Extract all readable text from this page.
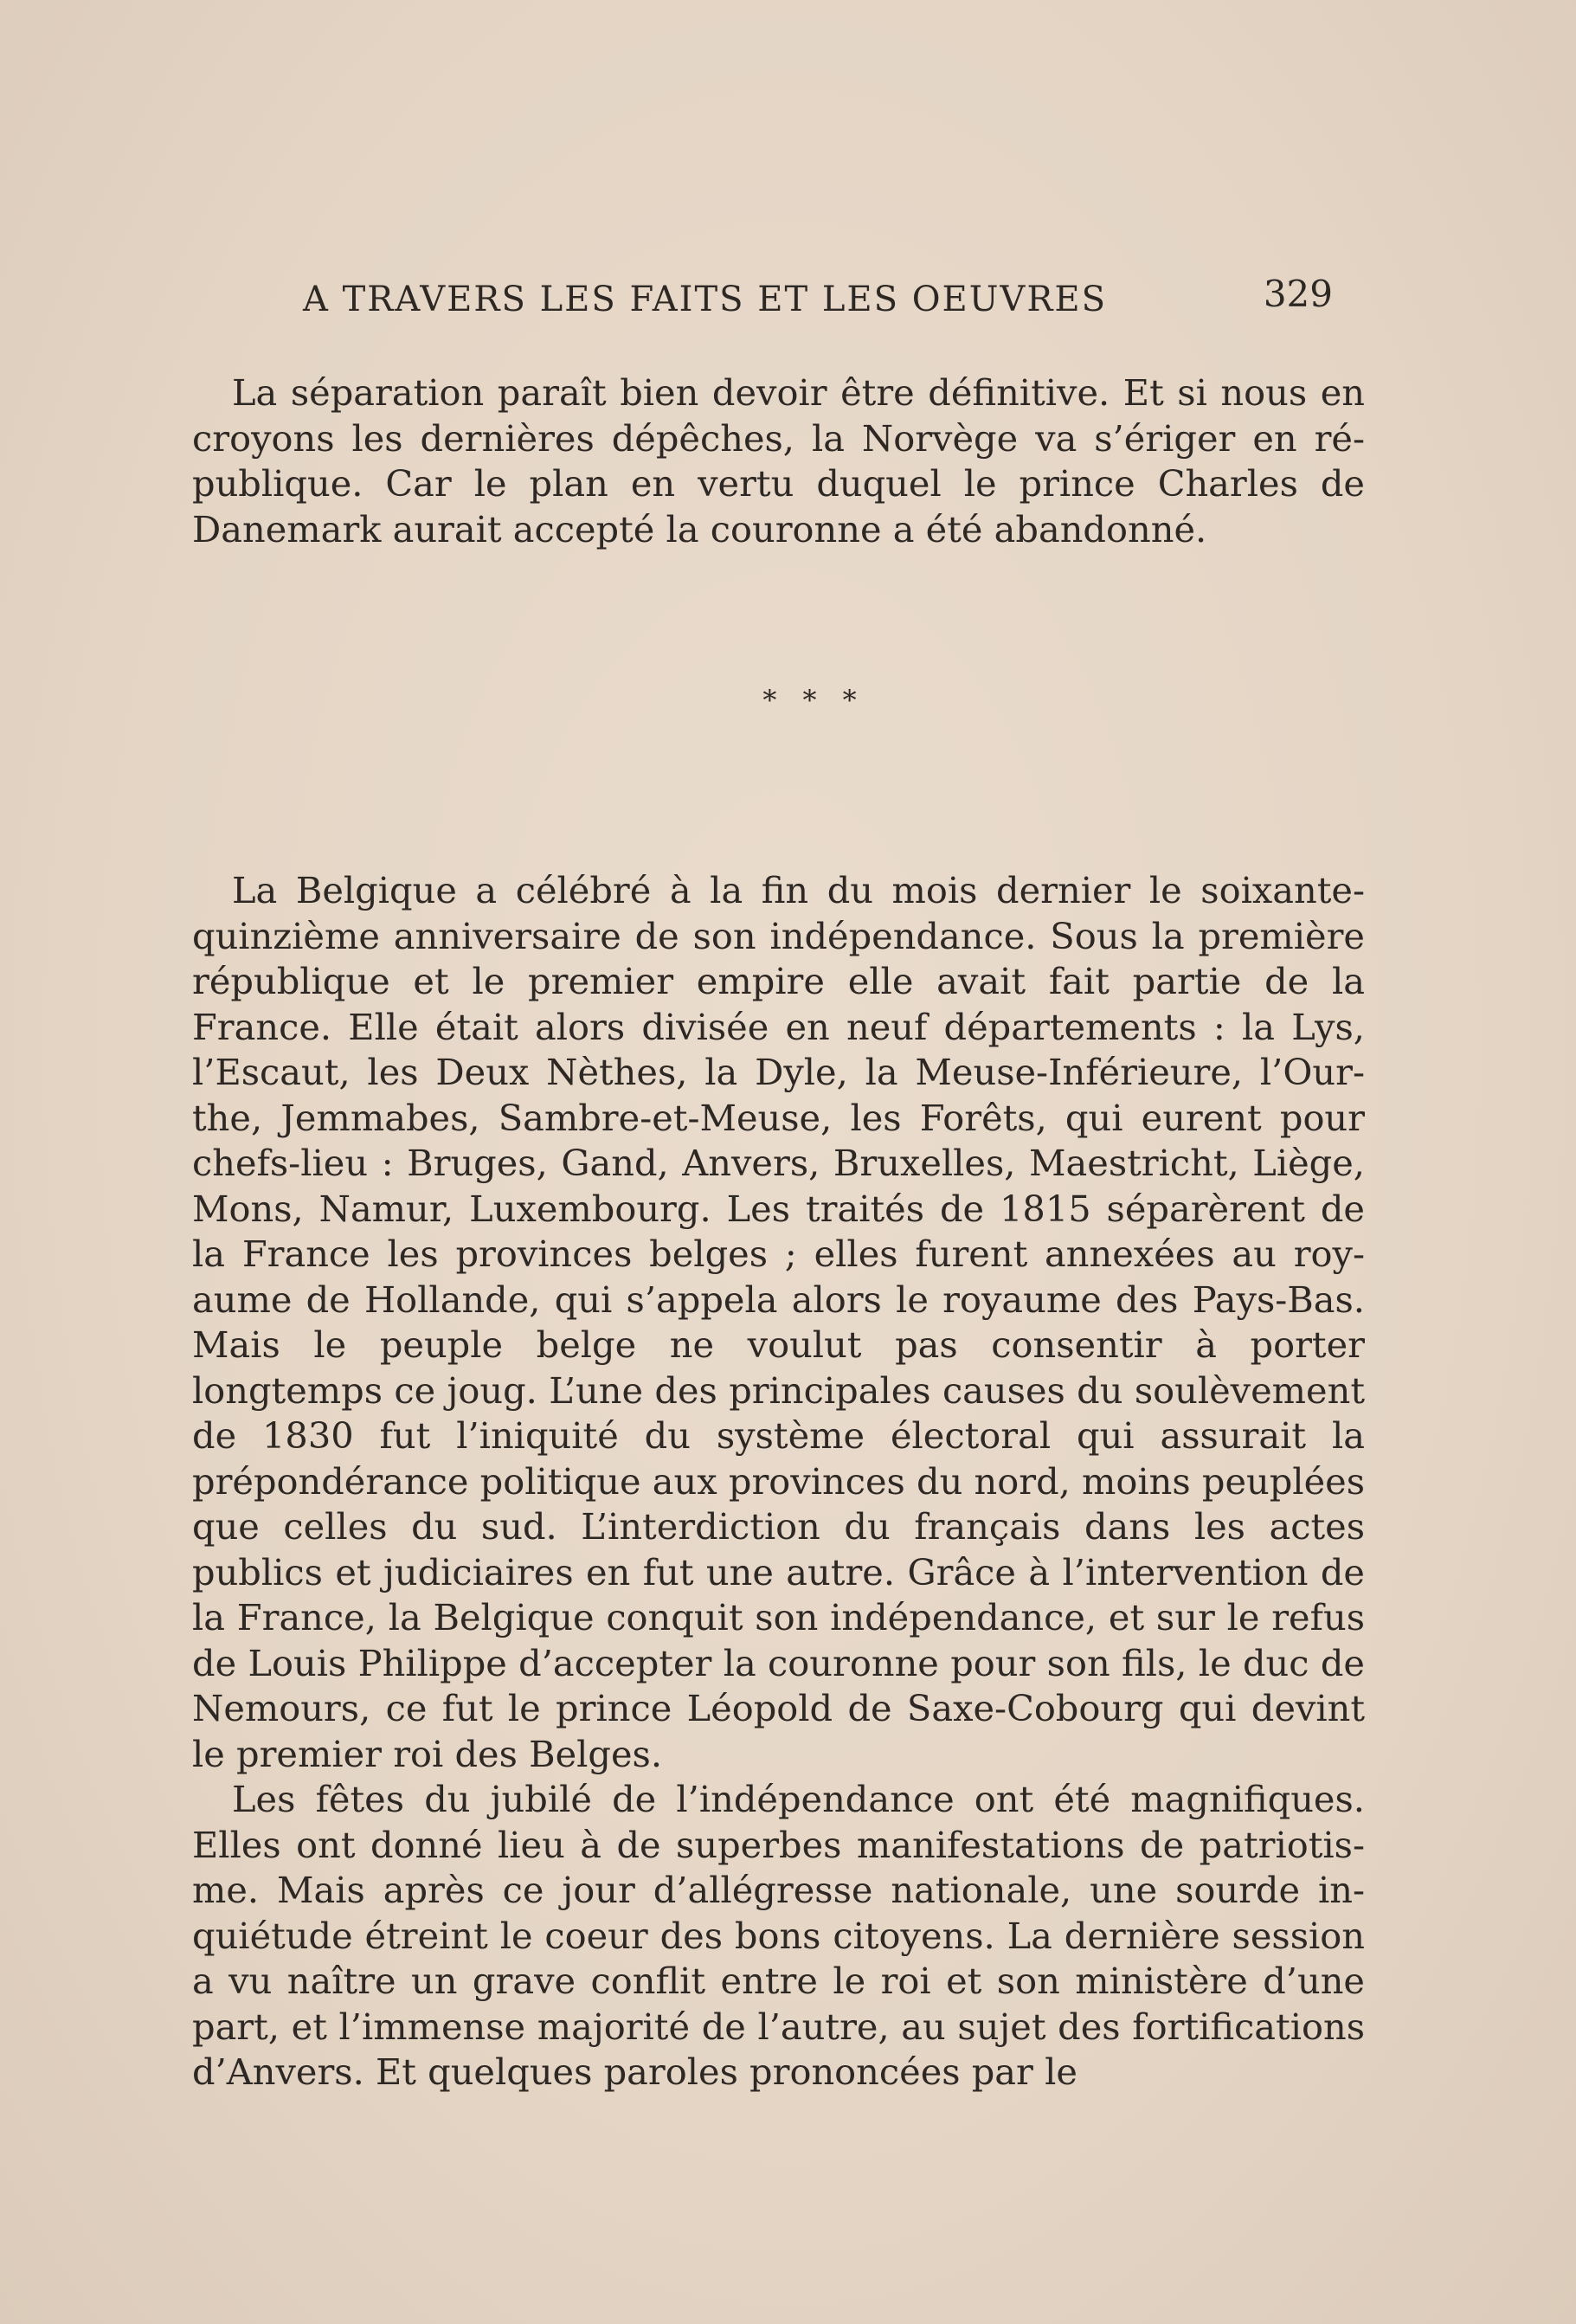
A TRAVERS LES FAITS ET LES OEUVRES	329

La séparation paraît bien devoir être définitive. Et si nous en croyons les dernières dépêches, la Norvège va s’ériger en république. Car le plan en vertu duquel le prince Charles de Danemark aurait accepté la couronne a été abandonné.

* * *

La Belgique a célébré à la fin du mois dernier le soixantequinzième anniversaire de son indépendance. Sous la première république et le premier empire elle avait fait partie de la France. Elle était alors divisée en neuf départements : la Lys, l’Escaut, les Deux Nèthes, la Dyle, la Meuse-Inférieure, l’Ourthe, Jemmabes, Sambre-et-Meuse, les Forêts, qui eurent pour chefs-lieu : Bruges, Gand, Anvers, Bruxelles, Maestricht, Liège, Mons, Namur, Luxembourg. Les traités de 1815 séparèrent de la France les provinces belges ; elles furent annexées au royaume de Hollande, qui s’appela alors le royaume des Pays-Bas. Mais le peuple belge ne voulut pas consentir à porter longtemps ce joug. L’une des principales causes du soulèvement de 1830 fut l’iniquité du système électoral qui assurait la prépondérance politique aux provinces du nord, moins peuplées que celles du sud. L’interdiction du français dans les actes publics et judiciaires en fut une autre. Grâce à l’intervention de la France, la Belgique conquit son indépendance, et sur le refus de Louis Philippe d’accepter la couronne pour son fils, le duc de Nemours, ce fut le prince Léopold de Saxe-Cobourg qui devint le premier roi des Belges.

Les fêtes du jubilé de l’indépendance ont été magnifiques. Elles ont donné lieu à de superbes manifestations de patriotisme. Mais après ce jour d’allégresse nationale, une sourde inquiétude étreint le coeur des bons citoyens. La dernière session a vu naître un grave conflit entre le roi et son ministère d’une part, et l’immense majorité de l’autre, au sujet des fortifications d’Anvers. Et quelques paroles prononcées par le
